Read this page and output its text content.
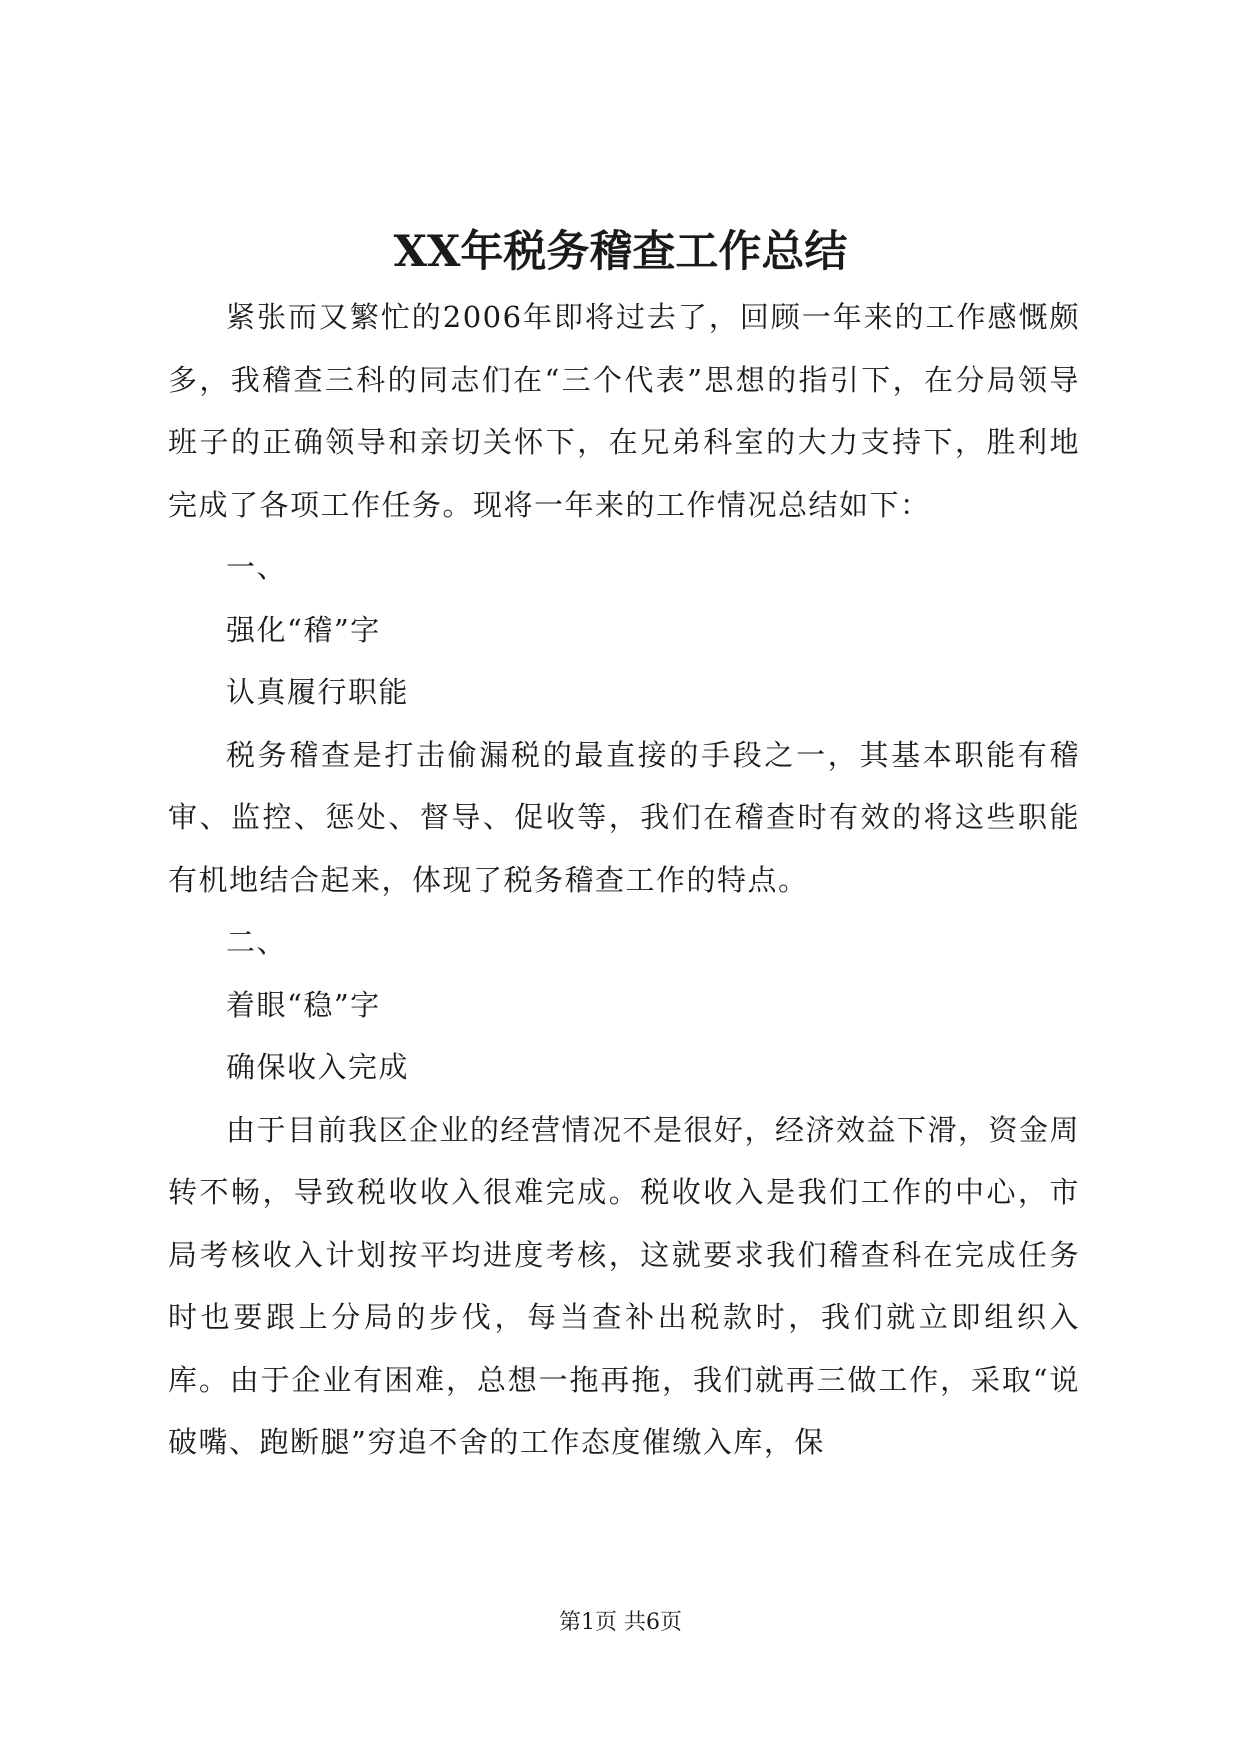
XX年税务稽查工作总结

紧张而又繁忙的2006年即将过去了，回顾一年来的工作感慨颇多，我稽查三科的同志们在“三个代表”思想的指引下，在分局领导班子的正确领导和亲切关怀下，在兄弟科室的大力支持下，胜利地完成了各项工作任务。现将一年来的工作情况总结如下：

一、

强化“稽”字

认真履行职能

税务稽查是打击偷漏税的最直接的手段之一，其基本职能有稽审、监控、惩处、督导、促收等，我们在稽查时有效的将这些职能有机地结合起来，体现了税务稽查工作的特点。

二、

着眼“稳”字

确保收入完成

由于目前我区企业的经营情况不是很好，经济效益下滑，资金周转不畅，导致税收收入很难完成。税收收入是我们工作的中心，市局考核收入计划按平均进度考核，这就要求我们稽查科在完成任务时也要跟上分局的步伐，每当查补出税款时，我们就立即组织入库。由于企业有困难，总想一拖再拖，我们就再三做工作，采取“说破嘴、跑断腿”穷追不舍的工作态度催缴入库，保

第1页 共6页
